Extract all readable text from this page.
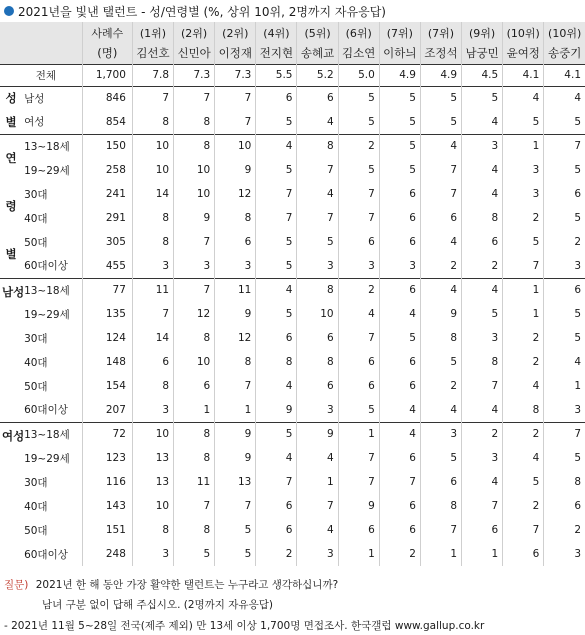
2021년을 빛낸 탤런트 - 성/연령별 (%, 상위 10위, 2명까지 자유응답)
		사례수	(1위)	(2위)	(2위)	(4위)	(5위)	(6위)	(7위)	(7위)	(9위)	(10위)	(10위)
		(명)	김선호	신민아	이정재	전지현	송혜교	김소연	이하늬	조정석	남궁민	윤여정	송중기
전체		1,700	7.8	7.3	7.3	5.5	5.2	5.0	4.9	4.9	4.5	4.1	4.1

성
별	남성	846	7	7	7	6	6	5	5	5	5	4	4
	여성	854	8	8	7	5	4	5	5	5	4	5	5

연
령
별	13~18세	150	10	8	10	4	8	2	5	4	3	1	7
	19~29세	258	10	10	9	5	7	5	5	7	4	3	5
	30대	241	14	10	12	7	4	7	6	7	4	3	6
	40대	291	8	9	8	7	7	7	6	6	8	2	5
	50대	305	8	7	6	5	5	6	6	4	6	5	2
	60대이상	455	3	3	3	5	3	3	3	2	2	7	3

남성	13~18세	77	11	7	11	4	8	2	6	4	4	1	6
	19~29세	135	7	12	9	5	10	4	4	9	5	1	5
	30대	124	14	8	12	6	6	7	5	8	3	2	5
	40대	148	6	10	8	8	8	6	6	5	8	2	4
	50대	154	8	6	7	4	6	6	6	2	7	4	1
	60대이상	207	3	1	1	9	3	5	4	4	4	8	3

여성	13~18세	72	10	8	9	5	9	1	4	3	2	2	7
	19~29세	123	13	8	9	4	4	7	6	5	3	4	5
	30대	116	13	11	13	7	1	7	7	6	4	5	8
	40대	143	10	7	7	6	7	9	6	8	7	2	6
	50대	151	8	8	5	6	4	6	6	7	6	7	2
	60대이상	248	3	5	5	2	3	1	2	1	1	6	3
질문) 2021년 한 해 동안 가장 활약한 탤런트는 누구라고 생각하십니까?
남녀 구분 없이 답해 주십시오. (2명까지 자유응답)
- 2021년 11월 5~28일 전국(제주 제외) 만 13세 이상 1,700명 면접조사. 한국갤럽 www.gallup.co.kr
